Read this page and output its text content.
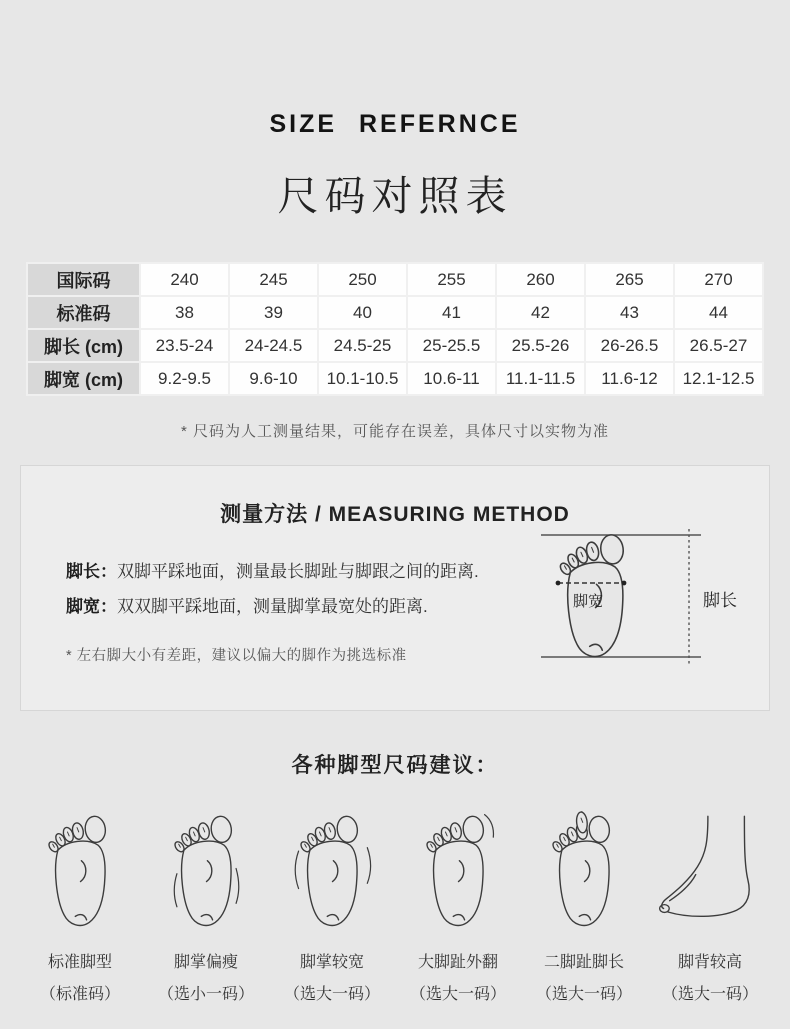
SIZE REFERNCE
尺码对照表
国际码	240	245	250	255	260	265	270
标准码	38	39	40	41	42	43	44
脚长 (cm)	23.5-24	24-24.5	24.5-25	25-25.5	25.5-26	26-26.5	26.5-27
脚宽 (cm)	9.2-9.5	9.6-10	10.1-10.5	10.6-11	11.1-11.5	11.6-12	12.1-12.5
* 尺码为人工测量结果，可能存在误差，具体尺寸以实物为准
测量方法 / MEASURING METHOD
脚长：双脚平踩地面，测量最长脚趾与脚跟之间的距离.
脚宽：双双脚平踩地面，测量脚掌最宽处的距离.
* 左右脚大小有差距，建议以偏大的脚作为挑选标准
脚宽	脚长
各种脚型尺码建议：
标准脚型
（标准码）
脚掌偏瘦
（选小一码）
脚掌较宽
（选大一码）
大脚趾外翻
（选大一码）
二脚趾脚长
（选大一码）
脚背较高
（选大一码）
